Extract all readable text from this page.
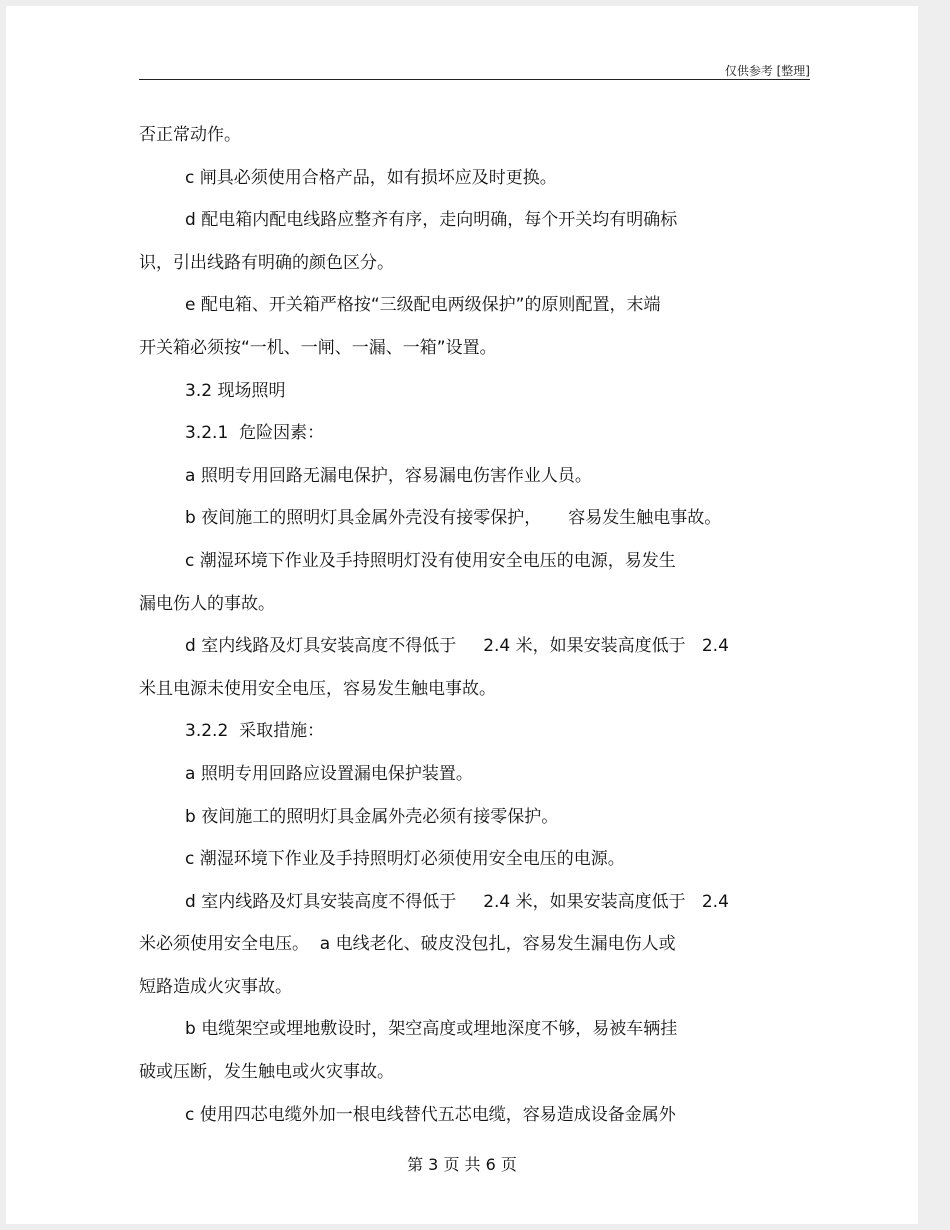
仅供参考 [整理]
否正常动作。
c 闸具必须使用合格产品，如有损坏应及时更换。
d 配电箱内配电线路应整齐有序，走向明确，每个开关均有明确标
识，引出线路有明确的颜色区分。
e 配电箱、开关箱严格按“三级配电两级保护”的原则配置，末端
开关箱必须按“一机、一闸、一漏、一箱”设置。
3.2 现场照明
3.2.1  危险因素：
a 照明专用回路无漏电保护，容易漏电伤害作业人员。
b 夜间施工的照明灯具金属外壳没有接零保护，     容易发生触电事故。
c 潮湿环境下作业及手持照明灯没有使用安全电压的电源，易发生
漏电伤人的事故。
d 室内线路及灯具安装高度不得低于     2.4 米，如果安装高度低于   2.4
米且电源未使用安全电压，容易发生触电事故。
3.2.2  采取措施：
a 照明专用回路应设置漏电保护装置。
b 夜间施工的照明灯具金属外壳必须有接零保护。
c 潮湿环境下作业及手持照明灯必须使用安全电压的电源。
d 室内线路及灯具安装高度不得低于     2.4 米，如果安装高度低于   2.4
米必须使用安全电压。  a 电线老化、破皮没包扎，容易发生漏电伤人或
短路造成火灾事故。
b 电缆架空或埋地敷设时，架空高度或埋地深度不够，易被车辆挂
破或压断，发生触电或火灾事故。
c 使用四芯电缆外加一根电线替代五芯电缆，容易造成设备金属外
第 3 页 共 6 页
